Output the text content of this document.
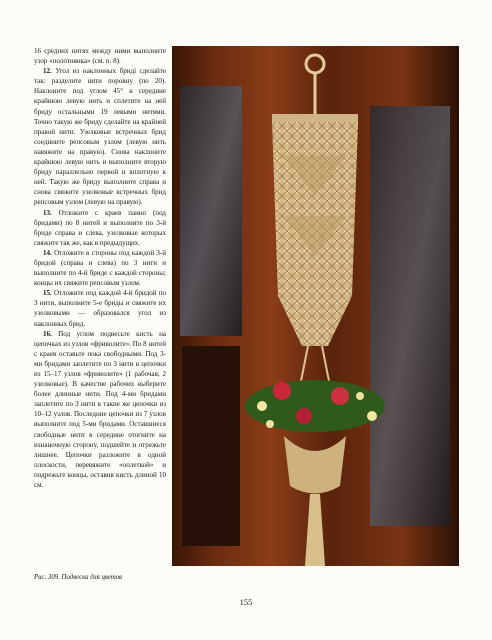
16 средних нитях между ними выполните узор «полотнянка» (см. п. 8).

12. Угол из наклонных бриді сделайте так: разделите нити поровну (по 20). Наклоните под углом 45° к середине крайнюю левую нить и сплетите на ней бриду остальными 19 левыми нитями. Точно такую же бриду сделайте на крайней правой нити. Узелковые встречных брид соедините репсовым узлом (левую нить навяжите на правую). Снова наклоните крайнюю левую нить и выполните вторую бриду параллельно первой и вплотную к ней. Такую же бриду выполните справа и снова свяжите узелковые встречных брид репсовым узлом (левую на правую).

13. Отложите с краев панно (под бридами) по 8 нитей и выполните по 3-й бриде справа и слева, узелковые которых свяжите так же, как в предыдущих.

14. Отложите в стороны под каждой 3-й бридой (справа и слева) по 3 нити и выполните по 4-й бриде с каждой стороны; концы их свяжите репсовым узлом.

15. Отложите под каждой 4-й бридой по 3 нити, выполните 5-е бриды и свяжите их узелковыми — образовался угол из наклонных брид.

16. Под углом подвесьте кисть на цепочках из узлов «фриволите». По 8 нитей с краев оставьте пока свободными. Под 3-ми бридами заплетите по 3 нити в цепочки из 15–17 узлов «фриволите» (1 рабочая, 2 узелковые). В качестве рабочих выберите более длинные нити. Под 4-ми бридами заплетите по 3 нити в такие же цепочки из 10–12 узлов. Последние цепочки из 7 узлов выполните под 5-ми бридами. Оставшиеся свободные нити в середине отогните на изнаночную сторону, подшейте и отрежьте лишнее. Цепочки разложите в одной плоскости, перевяжите «оплеткой» и подрежьте концы, оставив кисть длиной 10 см.

Рис. 309. Подвеска для цветов
155
